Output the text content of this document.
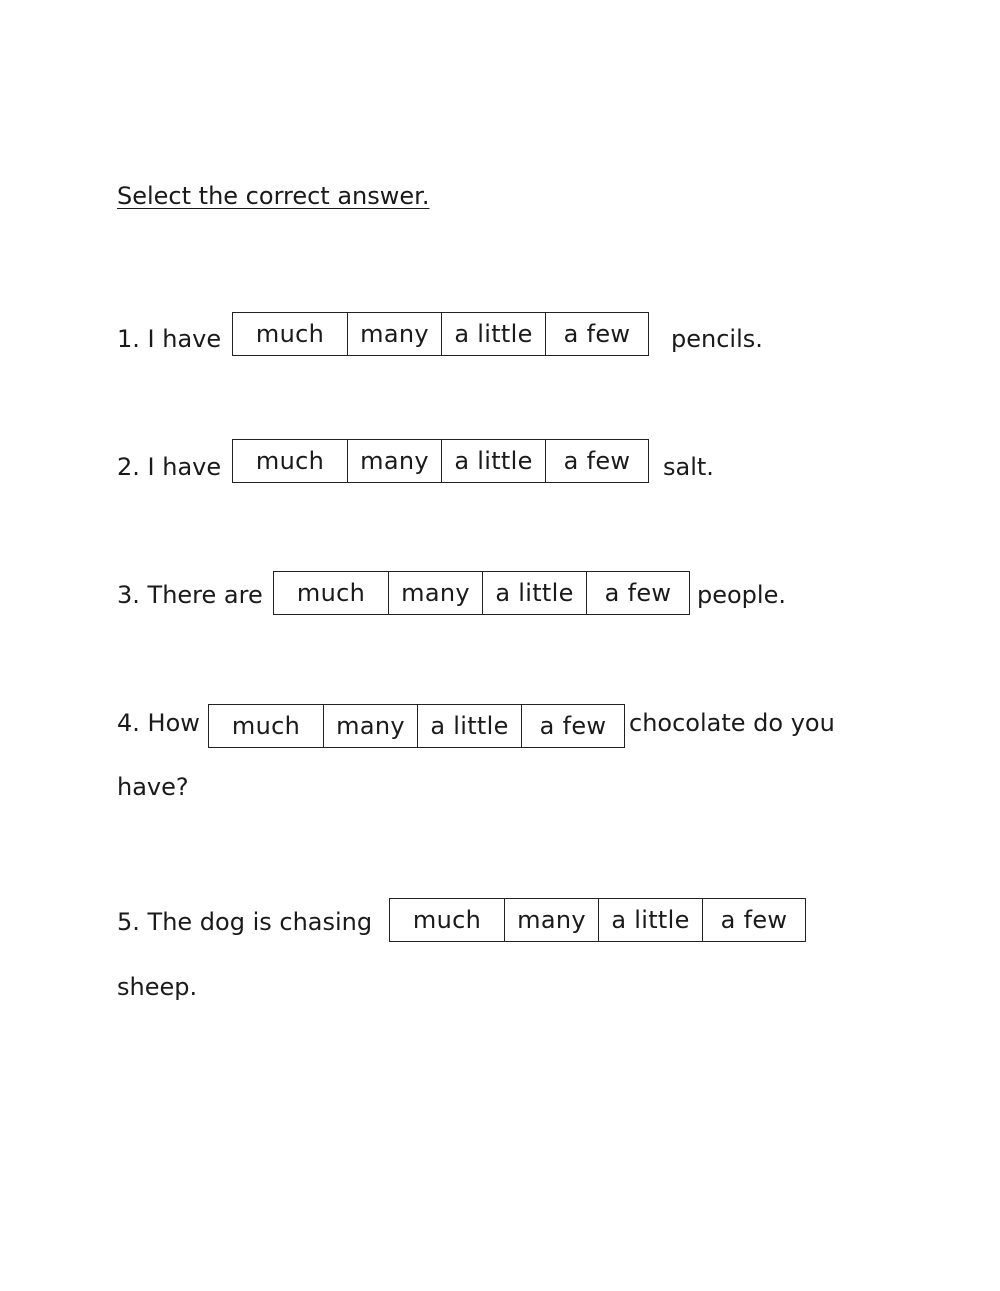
Select the correct answer.
1. I have	much	many	a little	a few	pencils.
2. I have	much	many	a little	a few	salt.
3. There are	much	many	a little	a few	people.
4. How	much	many	a little	a few chocolate do you
have?
5. The dog is chasing	much	many	a little	a few
sheep.
